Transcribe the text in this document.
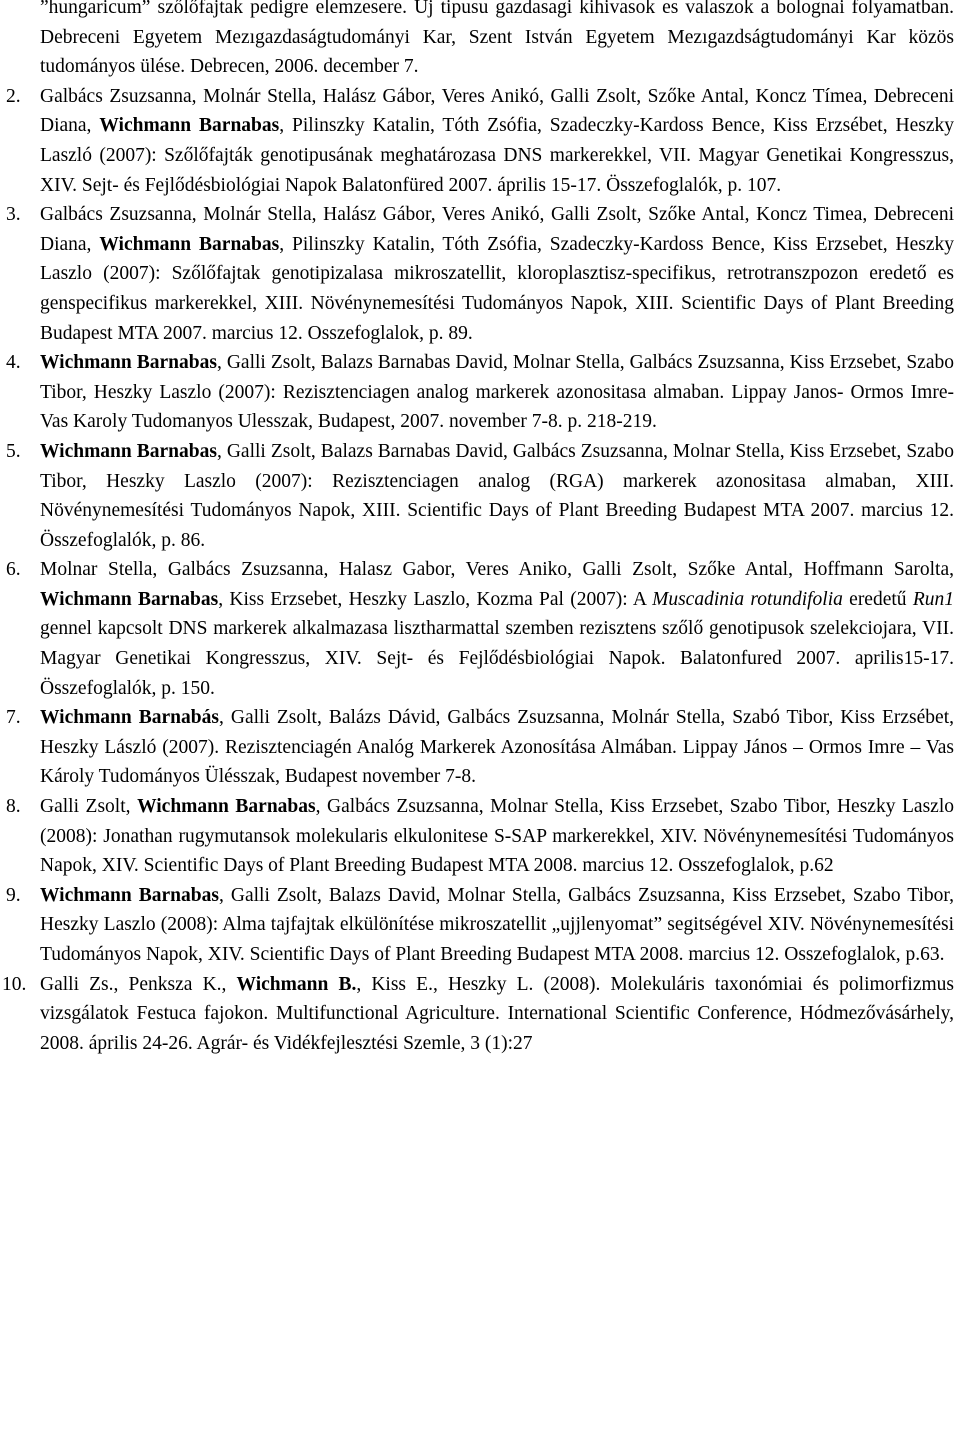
”hungaricum” szőlőfajtak pedigre elemzesere. Uj tipusu gazdasagi kihivasok es valaszok a bolognai folyamatban. Debreceni Egyetem Mezıgazdaságtudományi Kar, Szent István Egyetem Mezıgazdságtudományi Kar közös tudományos ülése. Debrecen, 2006. december 7.
2. Galbács Zsuzsanna, Molnár Stella, Halász Gábor, Veres Anikó, Galli Zsolt, Szőke Antal, Koncz Tímea, Debreceni Diana, Wichmann Barnabas, Pilinszky Katalin, Tóth Zsófia, Szadeczky-Kardoss Bence, Kiss Erzsébet, Heszky Laszló (2007): Szőlőfajták genotipusának meghatározasa DNS markerekkel, VII. Magyar Genetikai Kongresszus, XIV. Sejt- és Fejlődésbiológiai Napok Balatonfüred 2007. április 15-17. Összefoglalók, p. 107.
3. Galbács Zsuzsanna, Molnár Stella, Halász Gábor, Veres Anikó, Galli Zsolt, Szőke Antal, Koncz Timea, Debreceni Diana, Wichmann Barnabas, Pilinszky Katalin, Tóth Zsófia, Szadeczky-Kardoss Bence, Kiss Erzsebet, Heszky Laszlo (2007): Szőlőfajtak genotipizalasa mikroszatellit, kloroplasztisz-specifikus, retrotranszpozon eredető es genspecifikus markerekkel, XIII. Növénynemesítési Tudományos Napok, XIII. Scientific Days of Plant Breeding Budapest MTA 2007. marcius 12. Osszefoglalok, p. 89.
4. Wichmann Barnabas, Galli Zsolt, Balazs Barnabas David, Molnar Stella, Galbács Zsuzsanna, Kiss Erzsebet, Szabo Tibor, Heszky Laszlo (2007): Rezisztenciagen analog markerek azonositasa almaban. Lippay Janos- Ormos Imre- Vas Karoly Tudomanyos Ulesszak, Budapest, 2007. november 7-8. p. 218-219.
5. Wichmann Barnabas, Galli Zsolt, Balazs Barnabas David, Galbács Zsuzsanna, Molnar Stella, Kiss Erzsebet, Szabo Tibor, Heszky Laszlo (2007): Rezisztenciagen analog (RGA) markerek azonositasa almaban, XIII. Növénynemesítési Tudományos Napok, XIII. Scientific Days of Plant Breeding Budapest MTA 2007. marcius 12. Összefoglalók, p. 86.
6. Molnar Stella, Galbács Zsuzsanna, Halasz Gabor, Veres Aniko, Galli Zsolt, Szőke Antal, Hoffmann Sarolta, Wichmann Barnabas, Kiss Erzsebet, Heszky Laszlo, Kozma Pal (2007): A Muscadinia rotundifolia eredetű Run1 gennel kapcsolt DNS markerek alkalmazasa lisztharmattal szemben rezisztens szőlő genotipusok szelekciojara, VII. Magyar Genetikai Kongresszus, XIV. Sejt- és Fejlődésbiológiai Napok. Balatonfured 2007. aprilis15-17. Összefoglalók, p. 150.
7. Wichmann Barnabás, Galli Zsolt, Balázs Dávid, Galbács Zsuzsanna, Molnár Stella, Szabó Tibor, Kiss Erzsébet, Heszky László (2007). Rezisztenciagén Analóg Markerek Azonosítása Almában. Lippay János – Ormos Imre – Vas Károly Tudományos Ülésszak, Budapest november 7-8.
8. Galli Zsolt, Wichmann Barnabas, Galbács Zsuzsanna, Molnar Stella, Kiss Erzsebet, Szabo Tibor, Heszky Laszlo (2008): Jonathan rugymutansok molekularis elkulonitese S-SAP markerekkel, XIV. Növénynemesítési Tudományos Napok, XIV. Scientific Days of Plant Breeding Budapest MTA 2008. marcius 12. Osszefoglalok, p.62
9. Wichmann Barnabas, Galli Zsolt, Balazs David, Molnar Stella, Galbács Zsuzsanna, Kiss Erzsebet, Szabo Tibor, Heszky Laszlo (2008): Alma tajfajtak elkülönítése mikroszatellit „ujjlenyomat” segitségével XIV. Növénynemesítési Tudományos Napok, XIV. Scientific Days of Plant Breeding Budapest MTA 2008. marcius 12. Osszefoglalok, p.63.
10. Galli Zs., Penksza K., Wichmann B., Kiss E., Heszky L. (2008). Molekuláris taxonómiai és polimorfizmus vizsgálatok Festuca fajokon. Multifunctional Agriculture. International Scientific Conference, Hódmezővásárhely, 2008. április 24-26. Agrár- és Vidékfejlesztési Szemle, 3 (1):27
